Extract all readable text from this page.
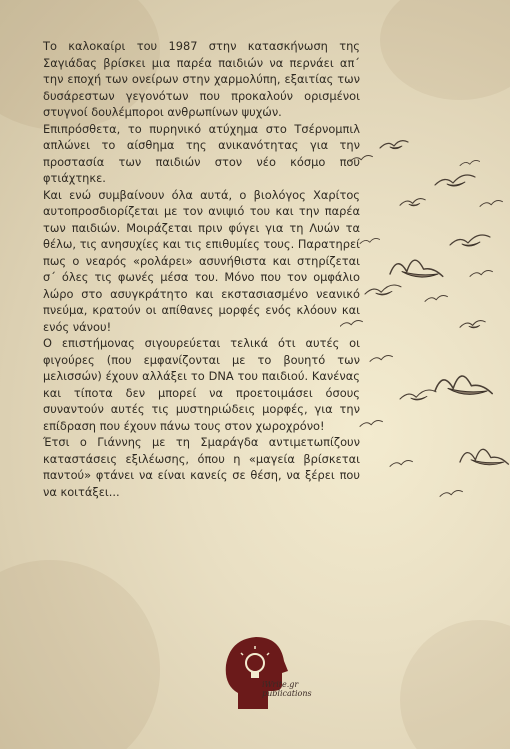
Το καλοκαίρι του 1987 στην κατασκήνωση της Σαγιάδας βρίσκει μια παρέα παιδιών να περνάει απ΄ την εποχή των ονείρων στην χαρμολύπη, εξαιτίας των δυσάρεστων γεγονότων που προκαλούν ορισμένοι στυγνοί δουλέμποροι ανθρωπίνων ψυχών.

Επιπρόσθετα, το πυρηνικό ατύχημα στο Τσέρνομπιλ απλώνει το αίσθημα της ανικανότητας για την προστασία των παιδιών στον νέο κόσμο που φτιάχτηκε.

Και ενώ συμβαίνουν όλα αυτά, ο βιολόγος Χαρίτος αυτοπροσδιορίζεται με τον ανιψιό του και την παρέα των παιδιών. Μοιράζεται πριν φύγει για τη Λυών τα θέλω, τις ανησυχίες και τις επιθυμίες τους. Παρατηρεί πως ο νεαρός «ρολάρει» ασυνήθιστα και στηρίζεται σ΄ όλες τις φωνές μέσα του. Μόνο που τον ομφάλιο λώρο στο ασυγκράτητο και εκστασιασμένο νεανικό πνεύμα, κρατούν οι απίθανες μορφές ενός κλόουν και ενός νάνου!

Ο επιστήμονας σιγουρεύεται τελικά ότι αυτές οι φιγούρες (που εμφανίζονται με το βουητό των μελισσών) έχουν αλλάξει το DNA του παιδιού. Κανένας και τίποτα δεν μπορεί να προετοιμάσει όσους συναντούν αυτές τις μυστηριώδεις μορφές, για την επίδραση που έχουν πάνω τους στον χωροχρόνο!

Έτσι ο Γιάννης με τη Σμαράγδα αντιμετωπίζουν καταστάσεις εξιλέωσης, όπου η «μαγεία βρίσκεται παντού» φτάνει να είναι κανείς σε θέση, να ξέρει που να κοιτάξει...

iWrite.gr
publications
